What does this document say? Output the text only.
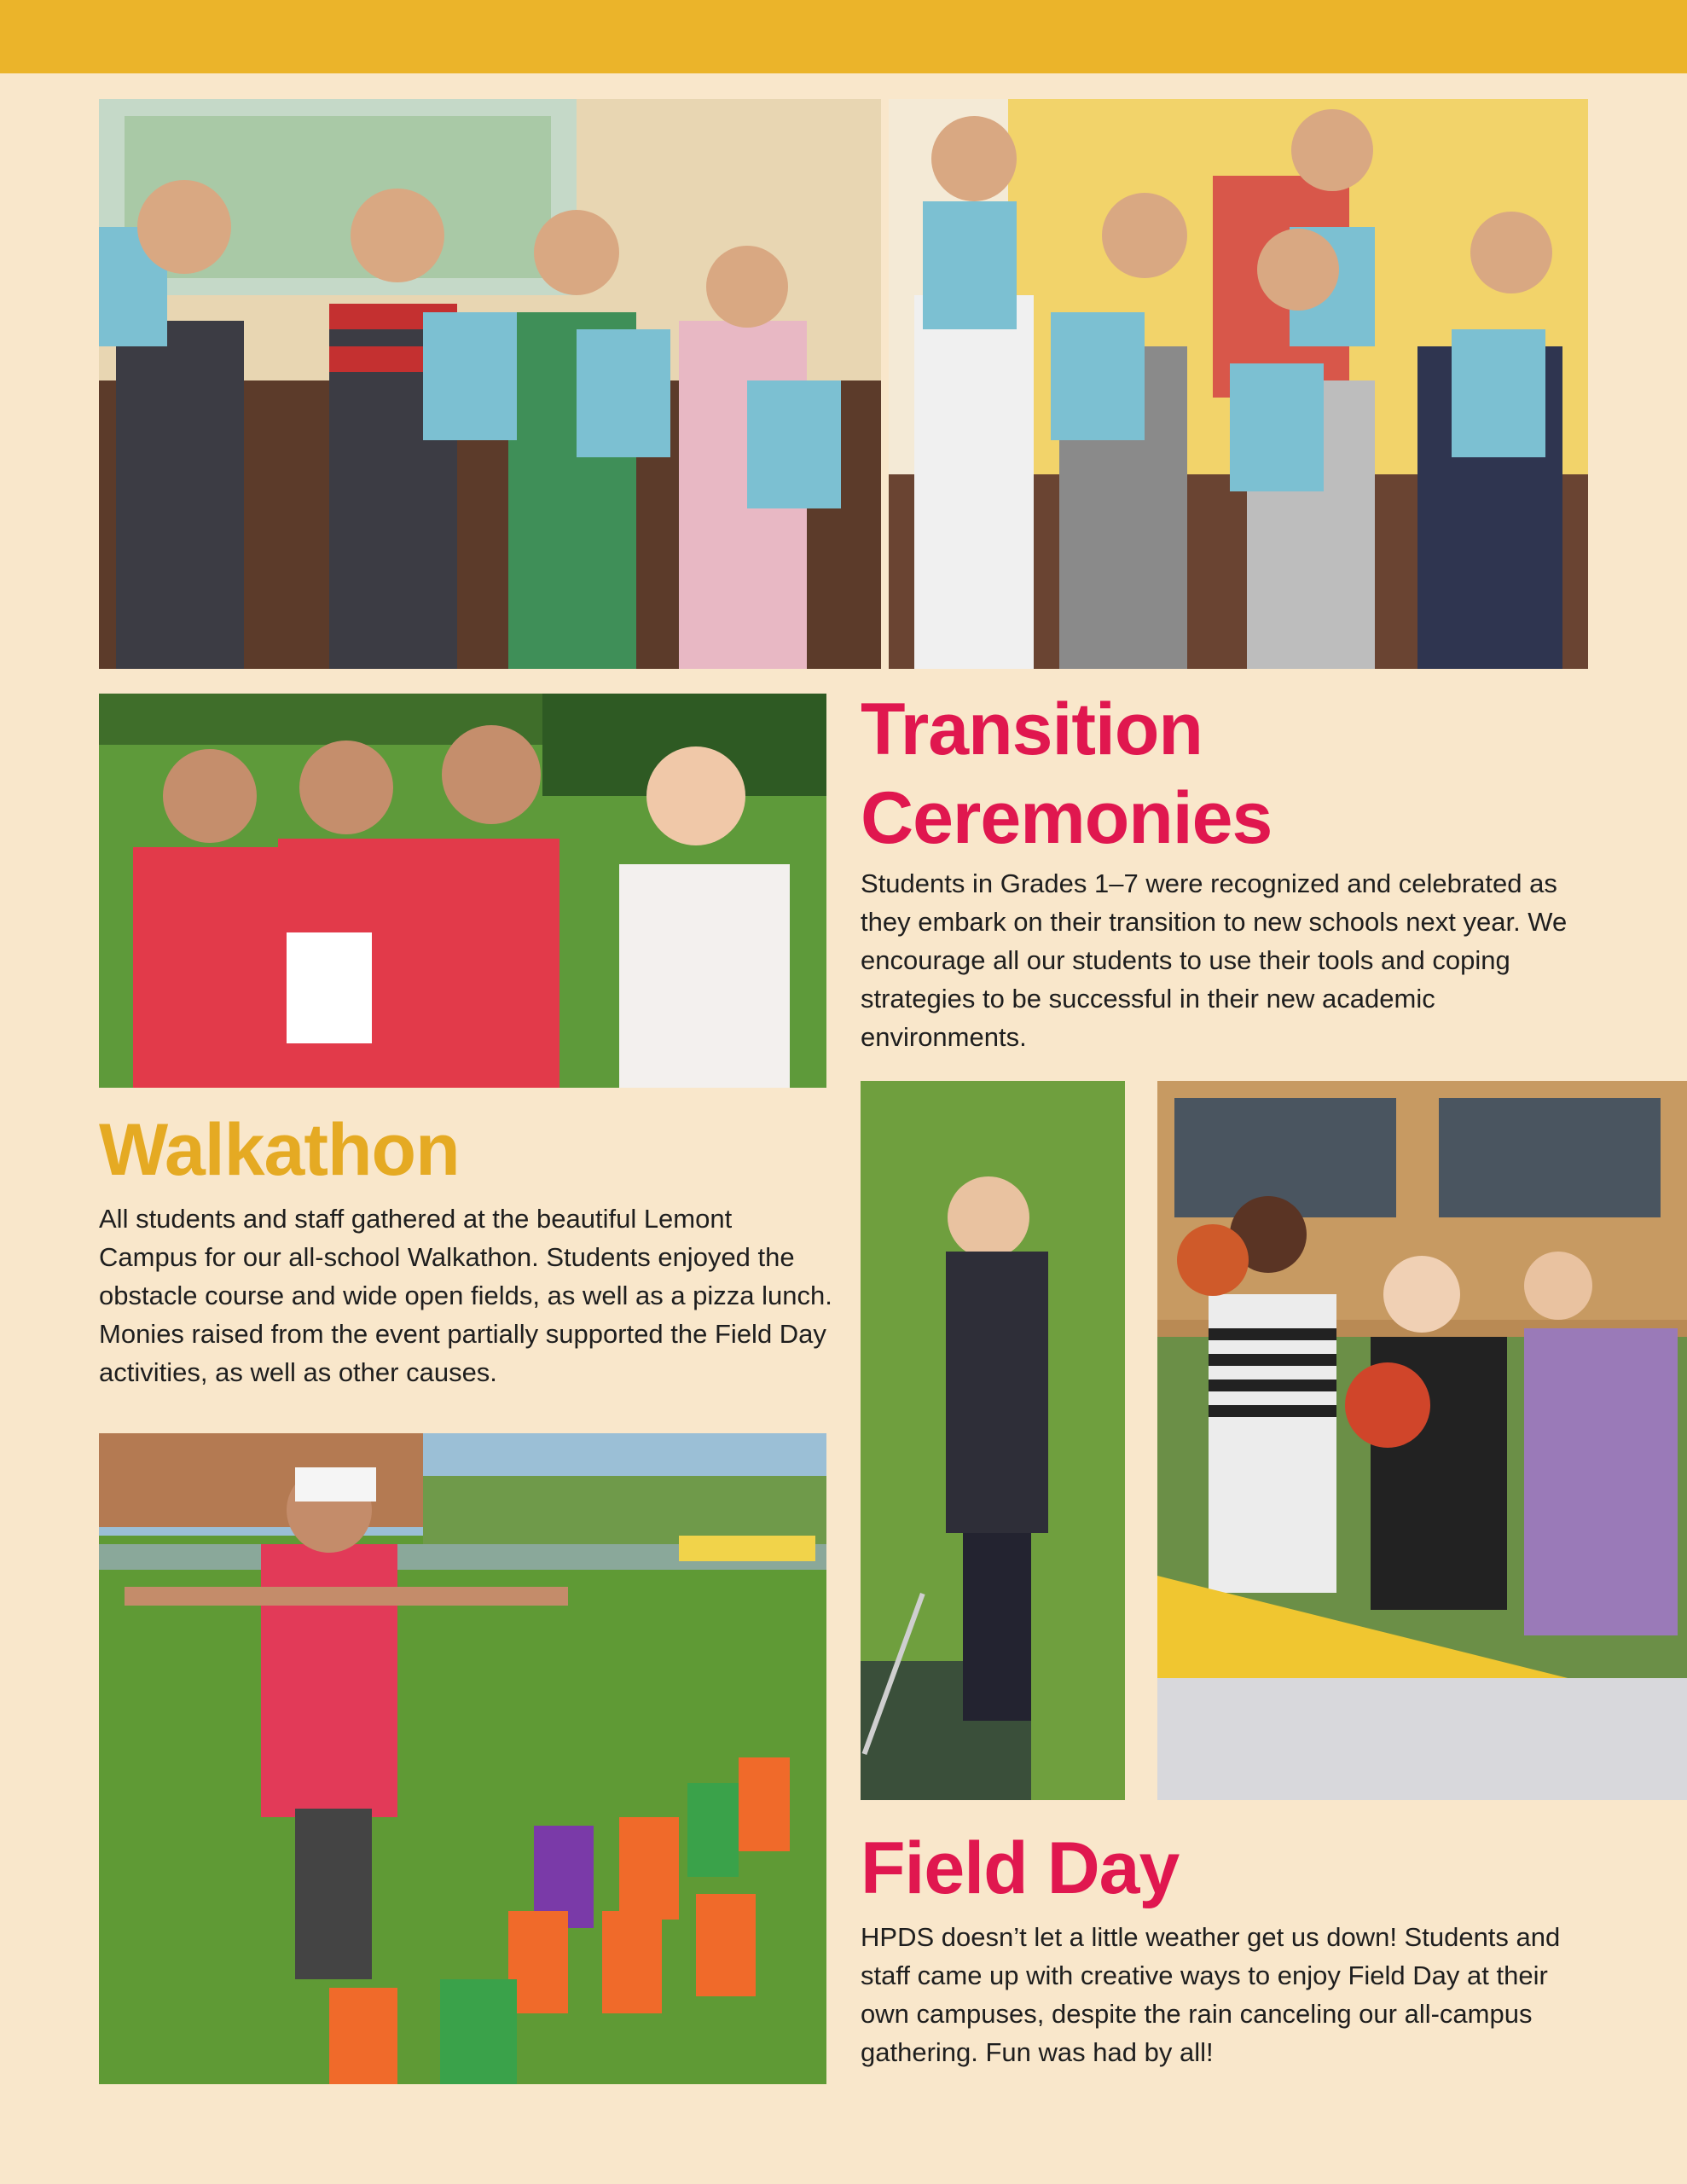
Transition
Ceremonies

Students in Grades 1–7 were recognized and celebrated as they embark on their transition to new schools next year. We encourage all our students to use their tools and coping strategies to be successful in their new academic environments.

Walkathon

All students and staff gathered at the beautiful Lemont Campus for our all-school Walkathon. Students enjoyed the obstacle course and wide open fields, as well as a pizza lunch. Monies raised from the event partially supported the Field Day activities, as well as other causes.

Field Day

HPDS doesn’t let a little weather get us down! Students and staff came up with creative ways to enjoy Field Day at their own campuses, despite the rain canceling our all-campus gathering. Fun was had by all!
